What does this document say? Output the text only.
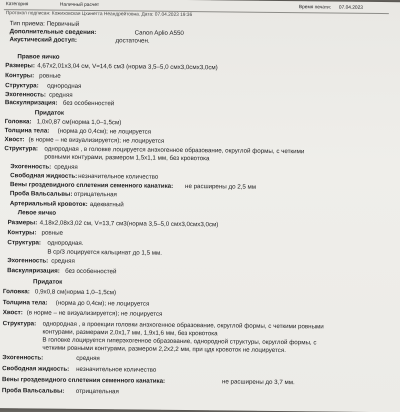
Категория	Наличный расчет	Время печати: 07.04.2023
Протокол подписан: Кожиховская Цхинетта Неандрейтовна. Дата: 07.04.2023 19:36
Тип приема: Первичный
Дополнительные сведения:	Canon Aplio A550
Акустический доступ:	достаточен.
Правое яичко
Размеры: 4,67х2,01х3,04 см, V=14,6 см3 (норма 3,5–5,0 смх3,0смх3,0см)
Контуры: ровные
Структура: однородная
Эхогенность: средняя
Васкуляризация: без особенностей
Придаток
Головка: 1,0х0,87 см(норма 1,0–1,5см)
Толщина тела: (норма до 0,4см); не лоцируется
Хвост: (в норме – не визуализируется); не лоцируется
Структура: однородная , в головке лоцируется анэхогенное образование, округлой формы, с четкими
ровными контурами, размером 1,5х1,1 мм, без кровотока
Эхогенность: средняя
Свободная жидкость: незначительное количество
Вены гроздевидного сплетения семенного канатика: не расширены до 2,5 мм
Проба Вальсальвы: отрицательная
Артериальный кровоток: адекватный
Левое яичко
Размеры: 4,18х2,08х3,02 см, V=13,7 см3(норма 3,5–5,0 смх3,0смх3,0см)
Контуры: ровные
Структура: однородная.
В ср/3 лоцируется кальцинат до 1,5 мм.
Эхогенность: средняя
Васкуляризация: без особенностей
Придаток
Головка: 0,9х0,8 см(норма 1,0–1,5см)
Толщина тела: (норма до 0,4см); не лоцируется
Хвост: (в норме – не визуализируется); не лоцируется
Структура: однородная , в проекции головки анэхогенное образование, округлой формы, с четкими ровными
контурами, размерами 2,0х1,7 мм, 1,9х1,6 мм, без кровотока
В головке лоцируется гиперэхогенное образование, однородной структуры, округлой формы, с
четкими ровными контурами, размером 2,2х2,2 мм, при цдк кровоток не лоцируется.
Эхогенность:	средняя
Свободная жидкость: незначительное количество
Вены гроздевидного сплетения семенного канатика:	не расширены до 3,7 мм.
Проба Вальсальвы: отрицательная
